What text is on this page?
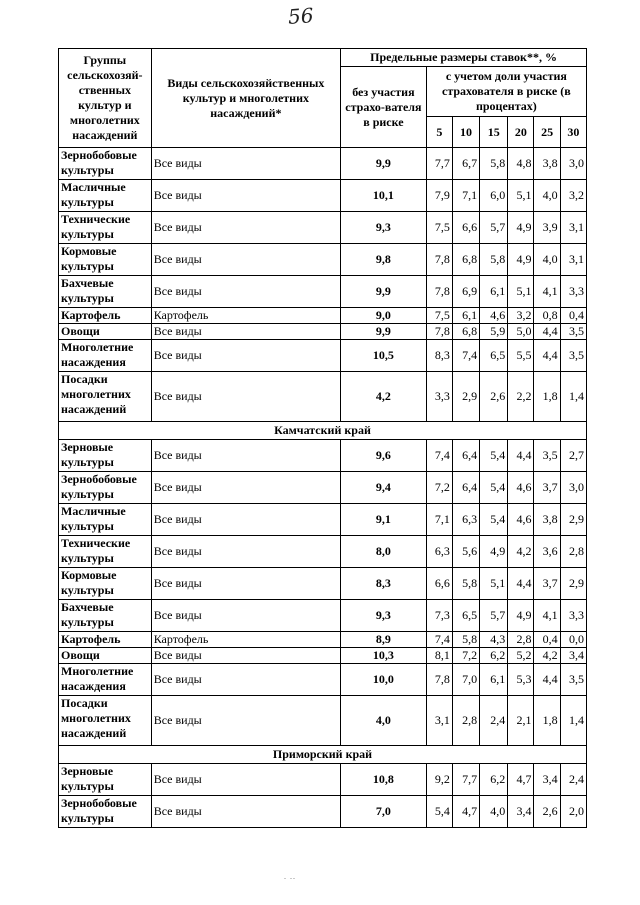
56
Группы сельскохозяй-ственных культур и многолетних насаждений	Виды сельскохозяйственных культур и многолетних насаждений*	Предельные размеры ставок**, %						
		без участия страхо-вателя в риске	с учетом доли участия страхователя в риске (в процентах)					
			5	10	15	20	25	30
Зернобобовые культуры	Все виды	9,9	7,7	6,7	5,8	4,8	3,8	3,0
Масличные культуры	Все виды	10,1	7,9	7,1	6,0	5,1	4,0	3,2
Технические культуры	Все виды	9,3	7,5	6,6	5,7	4,9	3,9	3,1
Кормовые культуры	Все виды	9,8	7,8	6,8	5,8	4,9	4,0	3,1
Бахчевые культуры	Все виды	9,9	7,8	6,9	6,1	5,1	4,1	3,3
Картофель	Картофель	9,0	7,5	6,1	4,6	3,2	0,8	0,4
Овощи	Все виды	9,9	7,8	6,8	5,9	5,0	4,4	3,5
Многолетние насаждения	Все виды	10,5	8,3	7,4	6,5	5,5	4,4	3,5
Посадки многолетних насаждений	Все виды	4,2	3,3	2,9	2,6	2,2	1,8	1,4
Камчатский край								
Зерновые культуры	Все виды	9,6	7,4	6,4	5,4	4,4	3,5	2,7
Зернобобовые культуры	Все виды	9,4	7,2	6,4	5,4	4,6	3,7	3,0
Масличные культуры	Все виды	9,1	7,1	6,3	5,4	4,6	3,8	2,9
Технические культуры	Все виды	8,0	6,3	5,6	4,9	4,2	3,6	2,8
Кормовые культуры	Все виды	8,3	6,6	5,8	5,1	4,4	3,7	2,9
Бахчевые культуры	Все виды	9,3	7,3	6,5	5,7	4,9	4,1	3,3
Картофель	Картофель	8,9	7,4	5,8	4,3	2,8	0,4	0,0
Овощи	Все виды	10,3	8,1	7,2	6,2	5,2	4,2	3,4
Многолетние насаждения	Все виды	10,0	7,8	7,0	6,1	5,3	4,4	3,5
Посадки многолетних насаждений	Все виды	4,0	3,1	2,8	2,4	2,1	1,8	1,4
Приморский край								
Зерновые культуры	Все виды	10,8	9,2	7,7	6,2	4,7	3,4	2,4
Зернобобовые культуры	Все виды	7,0	5,4	4,7	4,0	3,4	2,6	2,0
. ..
